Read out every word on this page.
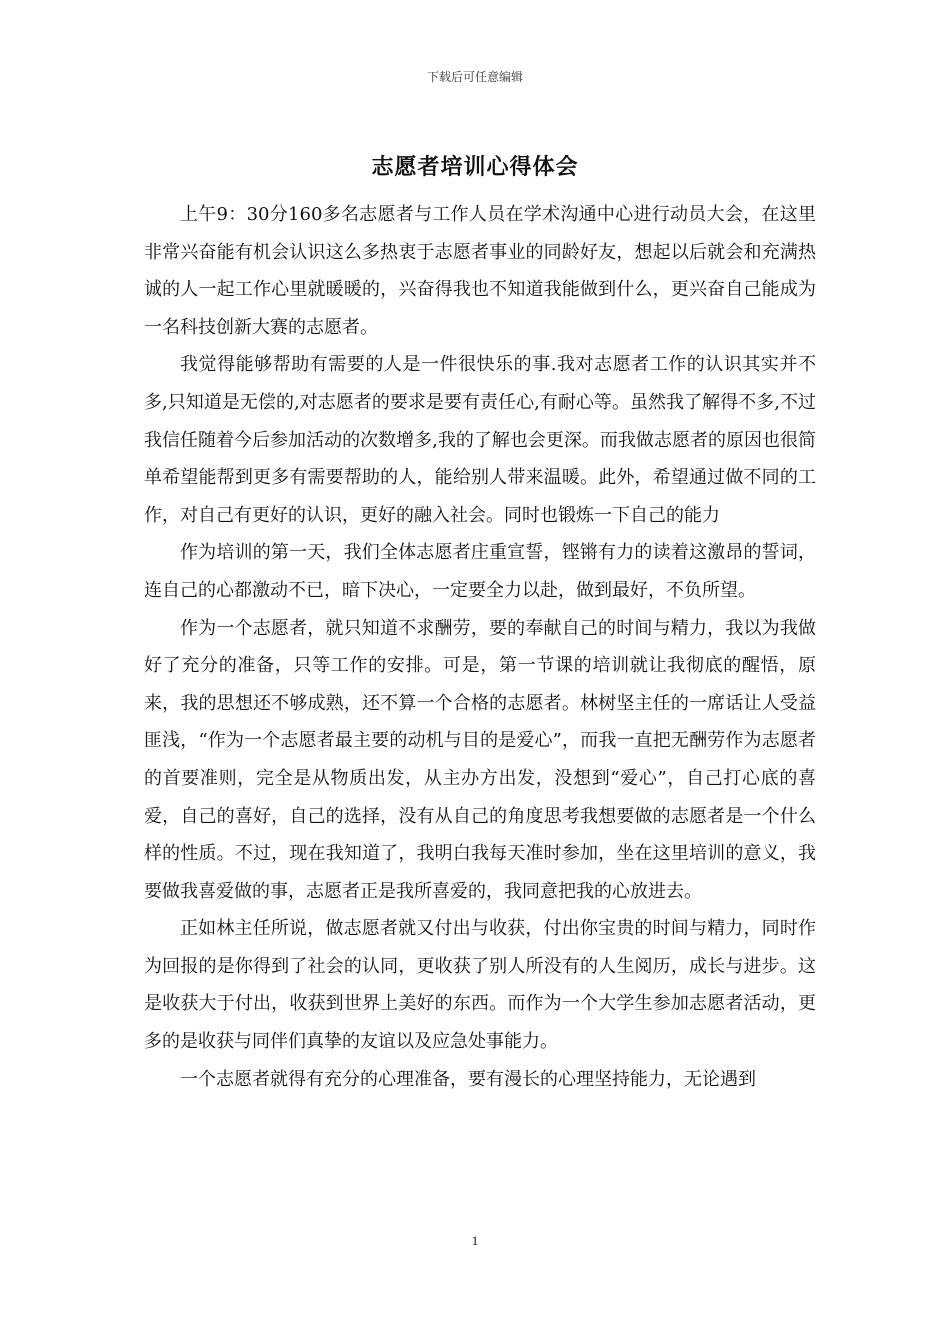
下载后可任意编辑
志愿者培训心得体会

上午9：30分160多名志愿者与工作人员在学术沟通中心进行动员大会，在这里非常兴奋能有机会认识这么多热衷于志愿者事业的同龄好友，想起以后就会和充满热诚的人一起工作心里就暖暖的，兴奋得我也不知道我能做到什么，更兴奋自己能成为一名科技创新大赛的志愿者。

我觉得能够帮助有需要的人是一件很快乐的事.我对志愿者工作的认识其实并不多,只知道是无偿的,对志愿者的要求是要有责任心,有耐心等。虽然我了解得不多,不过我信任随着今后参加活动的次数增多,我的了解也会更深。而我做志愿者的原因也很简单希望能帮到更多有需要帮助的人，能给别人带来温暖。此外，希望通过做不同的工作，对自己有更好的认识，更好的融入社会。同时也锻炼一下自己的能力

作为培训的第一天，我们全体志愿者庄重宣誓，铿锵有力的读着这激昂的誓词，连自己的心都激动不已，暗下决心，一定要全力以赴，做到最好，不负所望。

作为一个志愿者，就只知道不求酬劳，要的奉献自己的时间与精力，我以为我做好了充分的准备，只等工作的安排。可是，第一节课的培训就让我彻底的醒悟，原来，我的思想还不够成熟，还不算一个合格的志愿者。林树坚主任的一席话让人受益匪浅，“作为一个志愿者最主要的动机与目的是爱心”，而我一直把无酬劳作为志愿者的首要准则，完全是从物质出发，从主办方出发，没想到“爱心”，自己打心底的喜爱，自己的喜好，自己的选择，没有从自己的角度思考我想要做的志愿者是一个什么样的性质。不过，现在我知道了，我明白我每天准时参加，坐在这里培训的意义，我要做我喜爱做的事，志愿者正是我所喜爱的，我同意把我的心放进去。

正如林主任所说，做志愿者就又付出与收获，付出你宝贵的时间与精力，同时作为回报的是你得到了社会的认同，更收获了别人所没有的人生阅历，成长与进步。这是收获大于付出，收获到世界上美好的东西。而作为一个大学生参加志愿者活动，更多的是收获与同伴们真挚的友谊以及应急处事能力。

一个志愿者就得有充分的心理准备，要有漫长的心理坚持能力，无论遇到

1
